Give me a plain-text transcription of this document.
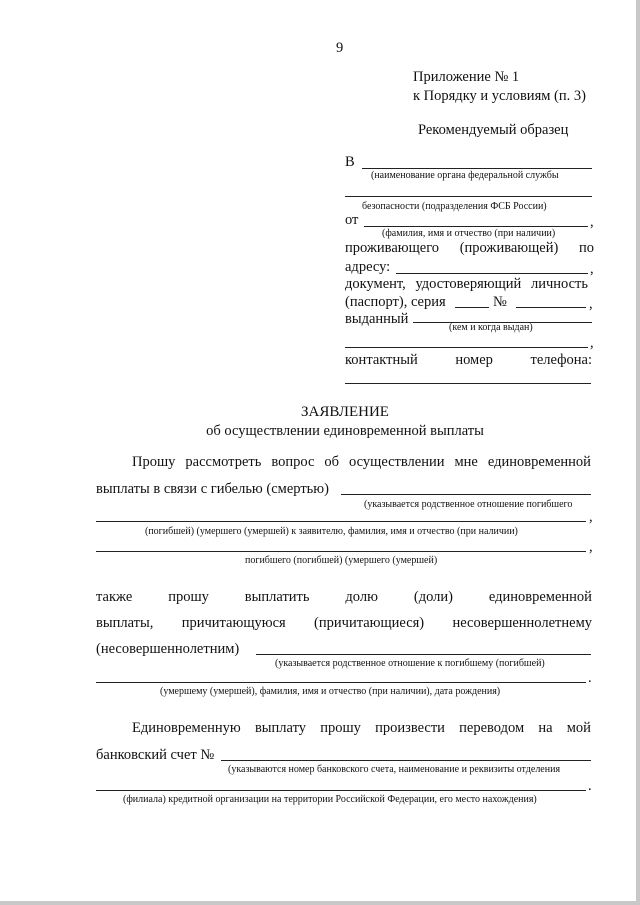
9
Приложение № 1
к Порядку и условиям (п. 3)
Рекомендуемый образец
В
(наименование органа федеральной службы
безопасности (подразделения ФСБ России)
от	,
(фамилия, имя и отчество (при наличии)
проживающего (проживающей) по
адресу:	,
документ, удостоверяющий личность
(паспорт), серия	№	,
выданный
(кем и когда выдан)
,
контактный	номер	телефона:
ЗАЯВЛЕНИЕ
об осуществлении единовременной выплаты
Прошу рассмотреть вопрос об осуществлении мне единовременной
выплаты в связи с гибелью (смертью)
(указывается родственное отношение погибшего
,
(погибшей) (умершего (умершей) к заявителю, фамилия, имя и отчество (при наличии)
,
погибшего (погибшей) (умершего (умершей)
также прошу выплатить долю (доли) единовременной
выплаты, причитающуюся (причитающиеся) несовершеннолетнему
(несовершеннолетним)
(указывается родственное отношение к погибшему (погибшей)
.
(умершему (умершей), фамилия, имя и отчество (при наличии), дата рождения)
Единовременную выплату прошу произвести переводом на мой
банковский счет №
(указываются номер банковского счета, наименование и реквизиты отделения
.
(филиала) кредитной организации на территории Российской Федерации, его место нахождения)
